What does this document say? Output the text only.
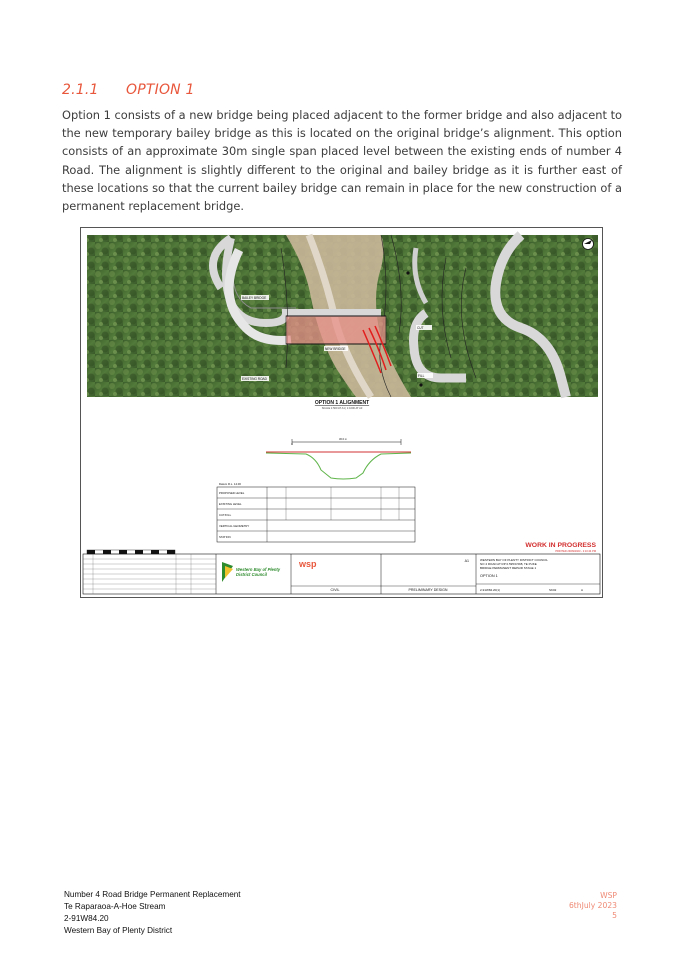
2.1.1 OPTION 1
Option 1 consists of a new bridge being placed adjacent to the former bridge and also adjacent to the new temporary bailey bridge as this is located on the original bridge’s alignment. This option consists of an approximate 30m single span placed level between the existing ends of number 4 Road. The alignment is slightly different to the original and bailey bridge as it is further east of these locations so that the current bailey bridge can remain in place for the new construction of a permanent replacement bridge.
BAILEY BRIDGE
EXISTING ROAD
NEW BRIDGE
CUT
FILL
OPTION 1 ALIGNMENT
SCALE 1:500 AT A1 | 1:1000 AT A3
30.0 m
Datum R.L. 14.00
PROPOSED LEVEL
EXISTING LEVEL
CUT/FILL
VERTICAL GEOMETRY
STATION
WORK IN PROGRESS
PRINTED 29/09/2023 - 2:10:44 PM
Western Bay of Plenty
District Council
wsp
CIVIL	PRELIMINARY DESIGN
A1	WESTERN BAY OF PLENTY DISTRICT COUNCIL
NO 4 ROAD AT RP 0.595/0.598, TE PUKE
BRIDGE PERMANENT REPAIR STAGE 1
OPTION 1
2-91W84.20(1)	SK02	A
Number 4 Road Bridge Permanent Replacement
Te Raparaoa-A-Hoe Stream
2-91W84.20
Western Bay of Plenty District
WSP
6thJuly 2023
5
